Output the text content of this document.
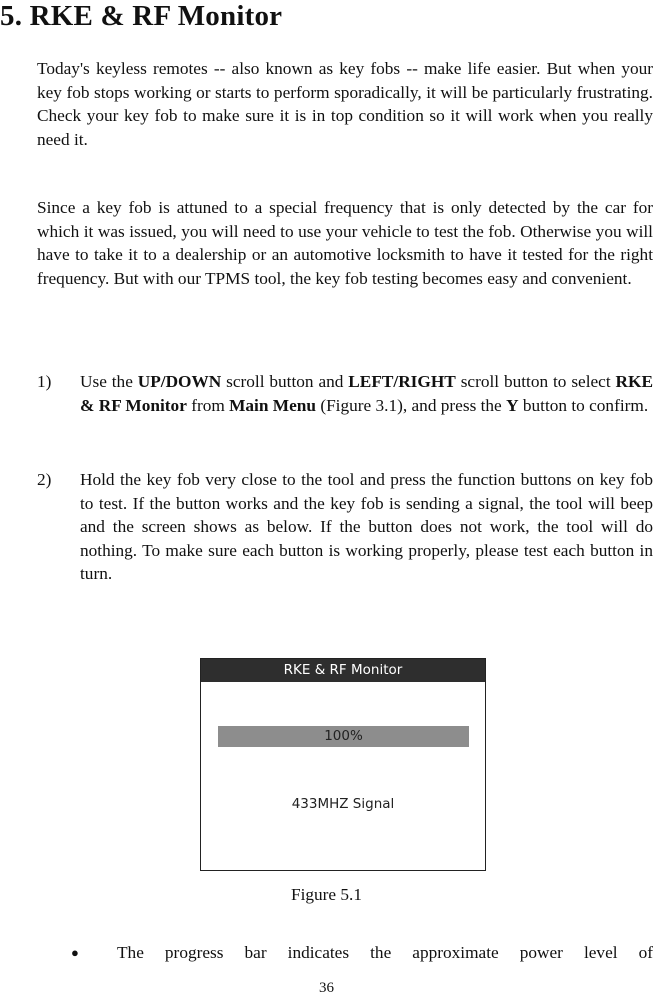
5. RKE & RF Monitor

Today's keyless remotes -- also known as key fobs -- make life easier. But when your key fob stops working or starts to perform sporadically, it will be particularly frustrating. Check your key fob to make sure it is in top condition so it will work when you really need it.

Since a key fob is attuned to a special frequency that is only detected by the car for which it was issued, you will need to use your vehicle to test the fob. Otherwise you will have to take it to a dealership or an automotive locksmith to have it tested for the right frequency. But with our TPMS tool, the key fob testing becomes easy and convenient.

1) Use the UP/DOWN scroll button and LEFT/RIGHT scroll button to select RKE & RF Monitor from Main Menu (Figure 3.1), and press the Y button to confirm.
2) Hold the key fob very close to the tool and press the function buttons on key fob to test. If the button works and the key fob is sending a signal, the tool will beep and the screen shows as below. If the button does not work, the tool will do nothing. To make sure each button is working properly, please test each button in turn.
RKE & RF Monitor
100%
433MHZ Signal
Figure 5.1
● The progress bar indicates the approximate power level of
36
